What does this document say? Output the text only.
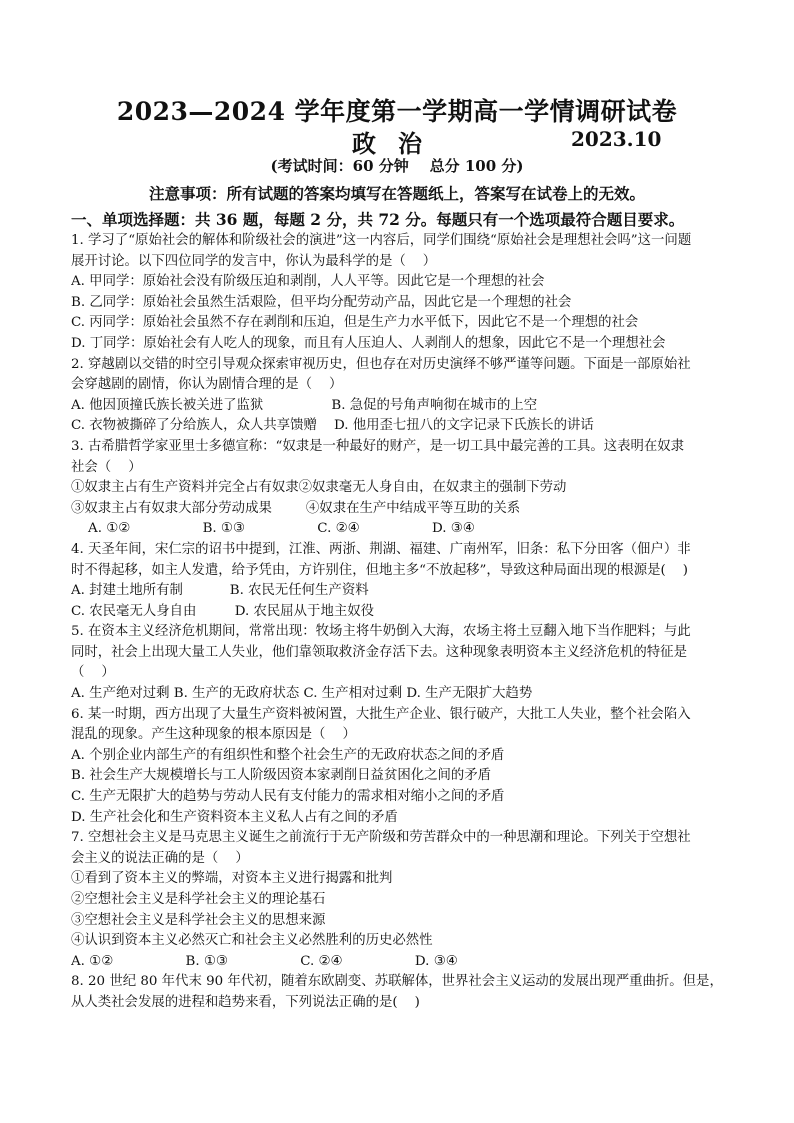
2023—2024 学年度第一学期高一学情调研试卷
政治	2023.10
(考试时间：60 分钟    总分 100 分)
注意事项：所有试题的答案均填写在答题纸上，答案写在试卷上的无效。
一、单项选择题：共 36 题，每题 2 分，共 72 分。每题只有一个选项最符合题目要求。
1. 学习了“原始社会的解体和阶级社会的演进”这一内容后，同学们围绕“原始社会是理想社会吗”这一问题
展开讨论。以下四位同学的发言中，你认为最科学的是（    ）
A. 甲同学：原始社会没有阶级压迫和剥削，人人平等。因此它是一个理想的社会
B. 乙同学：原始社会虽然生活艰险，但平均分配劳动产品，因此它是一个理想的社会
C. 丙同学：原始社会虽然不存在剥削和压迫，但是生产力水平低下，因此它不是一个理想的社会
D. 丁同学：原始社会有人吃人的现象，而且有人压迫人、人剥削人的想象，因此它不是一个理想社会
2. 穿越剧以交错的时空引导观众探索审视历史，但也存在对历史演绎不够严谨等问题。下面是一部原始社
会穿越剧的剧情，你认为剧情合理的是（    ）
A. 他因顶撞氏族长被关进了监狱                B. 急促的号角声响彻在城市的上空
C. 衣物被撕碎了分给族人，众人共享馈赠    D. 他用歪七扭八的文字记录下氏族长的讲话
3. 古希腊哲学家亚里士多德宣称：“奴隶是一种最好的财产，是一切工具中最完善的工具。这表明在奴隶
社会（    ）
①奴隶主占有生产资料并完全占有奴隶②奴隶毫无人身自由，在奴隶主的强制下劳动
③奴隶主占有奴隶大部分劳动成果        ④奴隶在生产中结成平等互助的关系
A. ①②                 B. ①③                 C. ②④                 D. ③④
4. 天圣年间，宋仁宗的诏书中提到，江淮、两浙、荆湖、福建、广南州军，旧条：私下分田客（佃户）非
时不得起移，如主人发遣，给予凭由，方许别住，但地主多“不放起移”，导致这种局面出现的根源是(    )
A. 封建土地所有制           B. 农民无任何生产资料
C. 农民毫无人身自由         D. 农民屈从于地主奴役
5. 在资本主义经济危机期间，常常出现：牧场主将牛奶倒入大海，农场主将土豆翻入地下当作肥料；与此
同时，社会上出现大量工人失业，他们靠领取救济金存活下去。这种现象表明资本主义经济危机的特征是
（    ）
A. 生产绝对过剩 B. 生产的无政府状态 C. 生产相对过剩 D. 生产无限扩大趋势
6. 某一时期，西方出现了大量生产资料被闲置，大批生产企业、银行破产，大批工人失业，整个社会陷入
混乱的现象。产生这种现象的根本原因是（    ）
A. 个别企业内部生产的有组织性和整个社会生产的无政府状态之间的矛盾
B. 社会生产大规模增长与工人阶级因资本家剥削日益贫困化之间的矛盾
C. 生产无限扩大的趋势与劳动人民有支付能力的需求相对缩小之间的矛盾
D. 生产社会化和生产资料资本主义私人占有之间的矛盾
7. 空想社会主义是马克思主义诞生之前流行于无产阶级和劳苦群众中的一种思潮和理论。下列关于空想社
会主义的说法正确的是（    ）
①看到了资本主义的弊端，对资本主义进行揭露和批判
②空想社会主义是科学社会主义的理论基石
③空想社会主义是科学社会主义的思想来源
④认识到资本主义必然灭亡和社会主义必然胜利的历史必然性
A. ①②                 B. ①③                 C. ②④                 D. ③④
8. 20 世纪 80 年代末 90 年代初，随着东欧剧变、苏联解体，世界社会主义运动的发展出现严重曲折。但是，
从人类社会发展的进程和趋势来看，下列说法正确的是(    )
